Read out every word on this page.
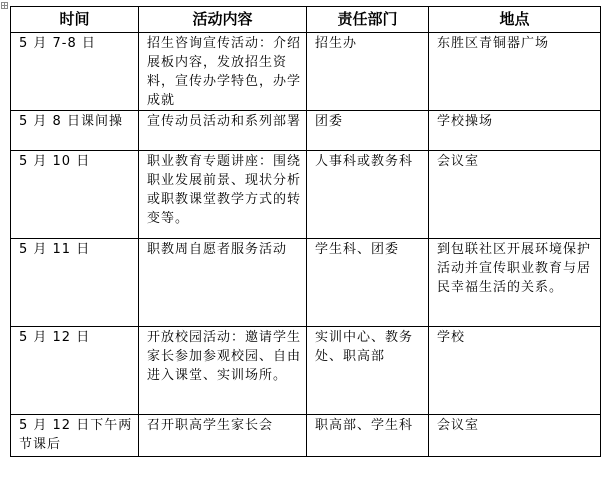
时间	活动内容	责任部门	地点
5 月 7-8 日	招生咨询宣传活动：介绍展板内容，发放招生资料，宣传办学特色，办学成就	招生办	东胜区青铜器广场
5 月 8 日课间操	宣传动员活动和系列部署	团委	学校操场
5 月 10 日	职业教育专题讲座：围绕职业发展前景、现状分析或职教课堂教学方式的转变等。	人事科或教务科	会议室
5 月 11 日	职教周自愿者服务活动	学生科、团委	到包联社区开展环境保护活动并宣传职业教育与居民幸福生活的关系。
5 月 12 日	开放校园活动：邀请学生家长参加参观校园、自由进入课堂、实训场所。	实训中心、教务处、职高部	学校
5 月 12 日下午两节课后	召开职高学生家长会	职高部、学生科	会议室
